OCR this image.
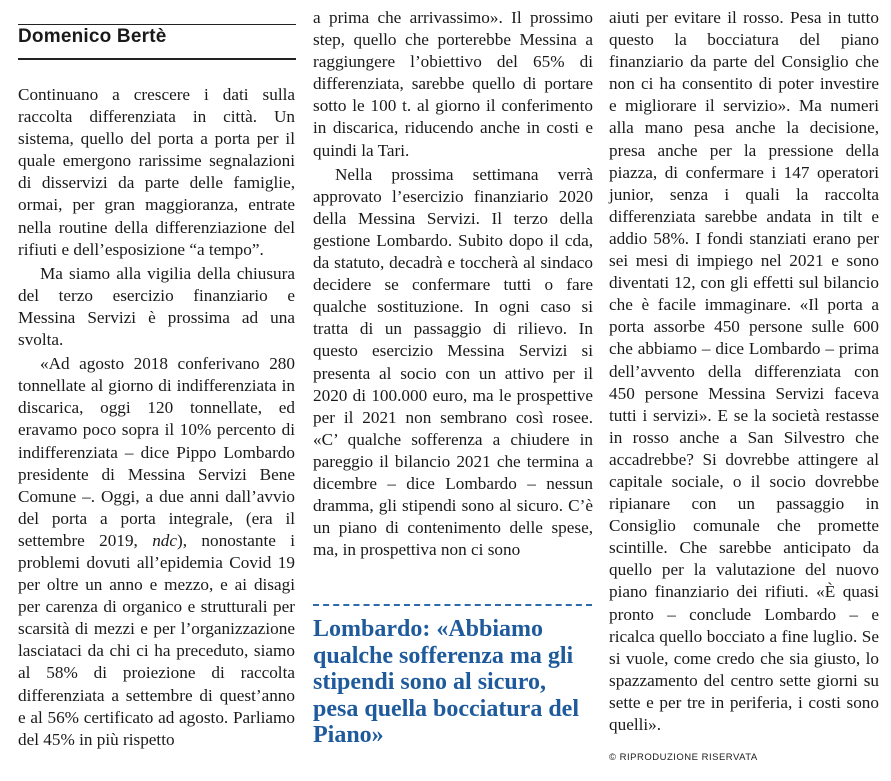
Domenico Bertè

Continuano a crescere i dati sulla raccolta differenziata in città. Un sistema, quello del porta a porta per il quale emergono rarissime segnalazioni di disservizi da parte delle famiglie, ormai, per gran maggioranza, entrate nella routine della differenziazione del rifiuti e dell’esposizione “a tempo”.

Ma siamo alla vigilia della chiusura del terzo esercizio finanziario e Messina Servizi è prossima ad una svolta.

«Ad agosto 2018 conferivano 280 tonnellate al giorno di indifferenziata in discarica, oggi 120 tonnellate, ed eravamo poco sopra il 10% percento di indifferenziata – dice Pippo Lombardo presidente di Messina Servizi Bene Comune –. Oggi, a due anni dall’avvio del porta a porta integrale, (era il settembre 2019, ndc), nonostante i problemi dovuti all’epidemia Covid 19 per oltre un anno e mezzo, e ai disagi per carenza di organico e strutturali per scarsità di mezzi e per l’organizzazione lasciataci da chi ci ha preceduto, siamo al 58% di proiezione di raccolta differenziata a settembre di quest’anno e al 56% certificato ad agosto. Parliamo del 45% in più rispetto

a prima che arrivassimo». Il prossimo step, quello che porterebbe Messina a raggiungere l’obiettivo del 65% di differenziata, sarebbe quello di portare sotto le 100 t. al giorno il conferimento in discarica, riducendo anche in costi e quindi la Tari.

Nella prossima settimana verrà approvato l’esercizio finanziario 2020 della Messina Servizi. Il terzo della gestione Lombardo. Subito dopo il cda, da statuto, decadrà e toccherà al sindaco decidere se confermare tutti o fare qualche sostituzione. In ogni caso si tratta di un passaggio di rilievo. In questo esercizio Messina Servizi si presenta al socio con un attivo per il 2020 di 100.000 euro, ma le prospettive per il 2021 non sembrano così rosee. «C’ qualche sofferenza a chiudere in pareggio il bilancio 2021 che termina a dicembre – dice Lombardo – nessun dramma, gli stipendi sono al sicuro. C’è un piano di contenimento delle spese, ma, in prospettiva non ci sono

Lombardo: «Abbiamo qualche sofferenza ma gli stipendi sono al sicuro, pesa quella bocciatura del Piano»

aiuti per evitare il rosso. Pesa in tutto questo la bocciatura del piano finanziario da parte del Consiglio che non ci ha consentito di poter investire e migliorare il servizio». Ma numeri alla mano pesa anche la decisione, presa anche per la pressione della piazza, di confermare i 147 operatori junior, senza i quali la raccolta differenziata sarebbe andata in tilt e addio 58%. I fondi stanziati erano per sei mesi di impiego nel 2021 e sono diventati 12, con gli effetti sul bilancio che è facile immaginare. «Il porta a porta assorbe 450 persone sulle 600 che abbiamo – dice Lombardo – prima dell’avvento della differenziata con 450 persone Messina Servizi faceva tutti i servizi». E se la società restasse in rosso anche a San Silvestro che accadrebbe? Si dovrebbe attingere al capitale sociale, o il socio dovrebbe ripianare con un passaggio in Consiglio comunale che promette scintille. Che sarebbe anticipato da quello per la valutazione del nuovo piano finanziario dei rifiuti. «È quasi pronto – conclude Lombardo – e ricalca quello bocciato a fine luglio. Se si vuole, come credo che sia giusto, lo spazzamento del centro sette giorni su sette e per tre in periferia, i costi sono quelli».

© RIPRODUZIONE RISERVATA
